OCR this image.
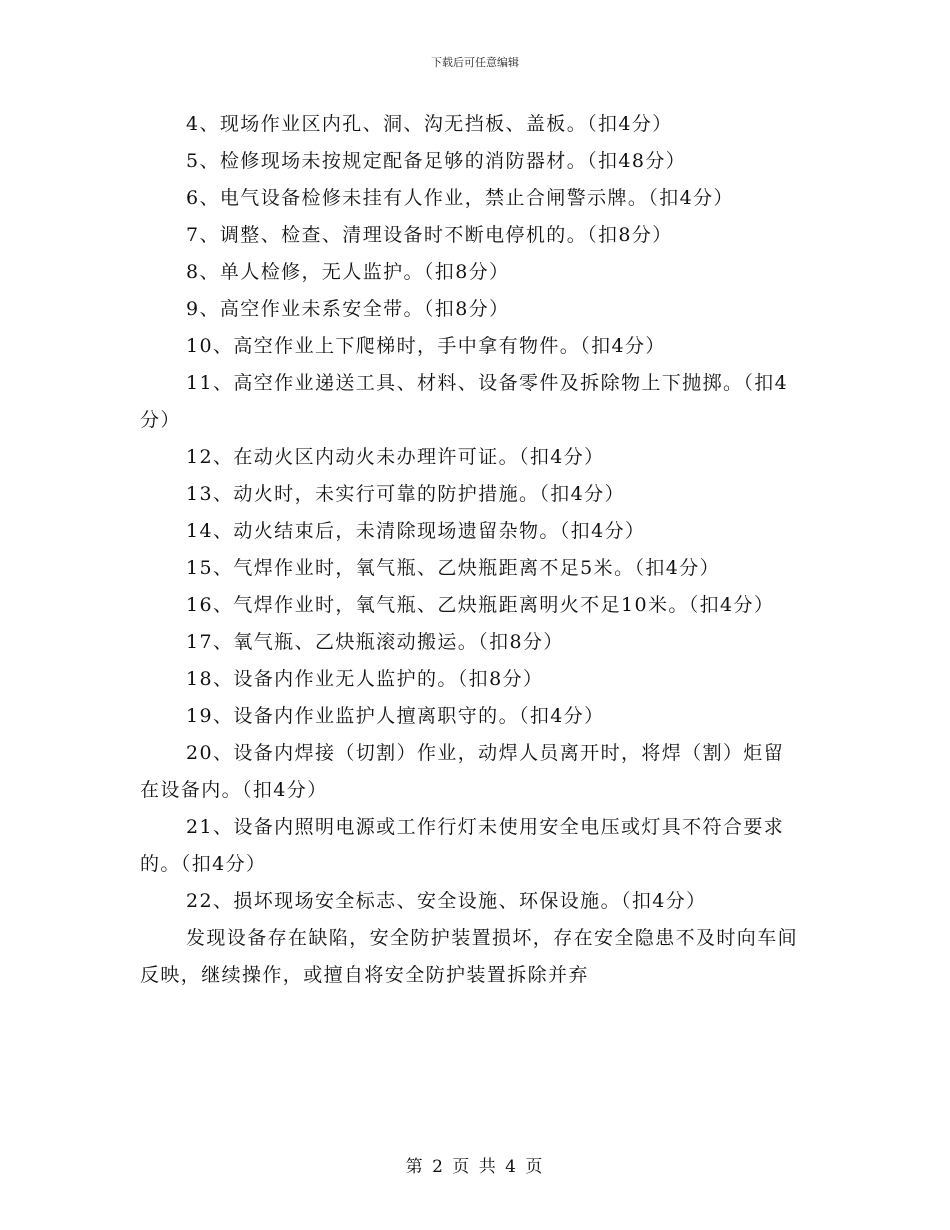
下载后可任意编辑

4、现场作业区内孔、洞、沟无挡板、盖板。（扣4分）

5、检修现场未按规定配备足够的消防器材。（扣48分）

6、电气设备检修未挂有人作业，禁止合闸警示牌。（扣4分）

7、调整、检查、清理设备时不断电停机的。（扣8分）

8、单人检修，无人监护。（扣8分）

9、高空作业未系安全带。（扣8分）

10、高空作业上下爬梯时，手中拿有物件。（扣4分）

11、高空作业递送工具、材料、设备零件及拆除物上下抛掷。（扣4分）

12、在动火区内动火未办理许可证。（扣4分）

13、动火时，未实行可靠的防护措施。（扣4分）

14、动火结束后，未清除现场遗留杂物。（扣4分）

15、气焊作业时，氧气瓶、乙炔瓶距离不足5米。（扣4分）

16、气焊作业时，氧气瓶、乙炔瓶距离明火不足10米。（扣4分）

17、氧气瓶、乙炔瓶滚动搬运。（扣8分）

18、设备内作业无人监护的。（扣8分）

19、设备内作业监护人擅离职守的。（扣4分）

20、设备内焊接（切割）作业，动焊人员离开时，将焊（割）炬留在设备内。（扣4分）

21、设备内照明电源或工作行灯未使用安全电压或灯具不符合要求的。（扣4分）

22、损坏现场安全标志、安全设施、环保设施。（扣4分）

发现设备存在缺陷，安全防护装置损坏，存在安全隐患不及时向车间反映，继续操作，或擅自将安全防护装置拆除并弃

第 2 页 共 4 页
